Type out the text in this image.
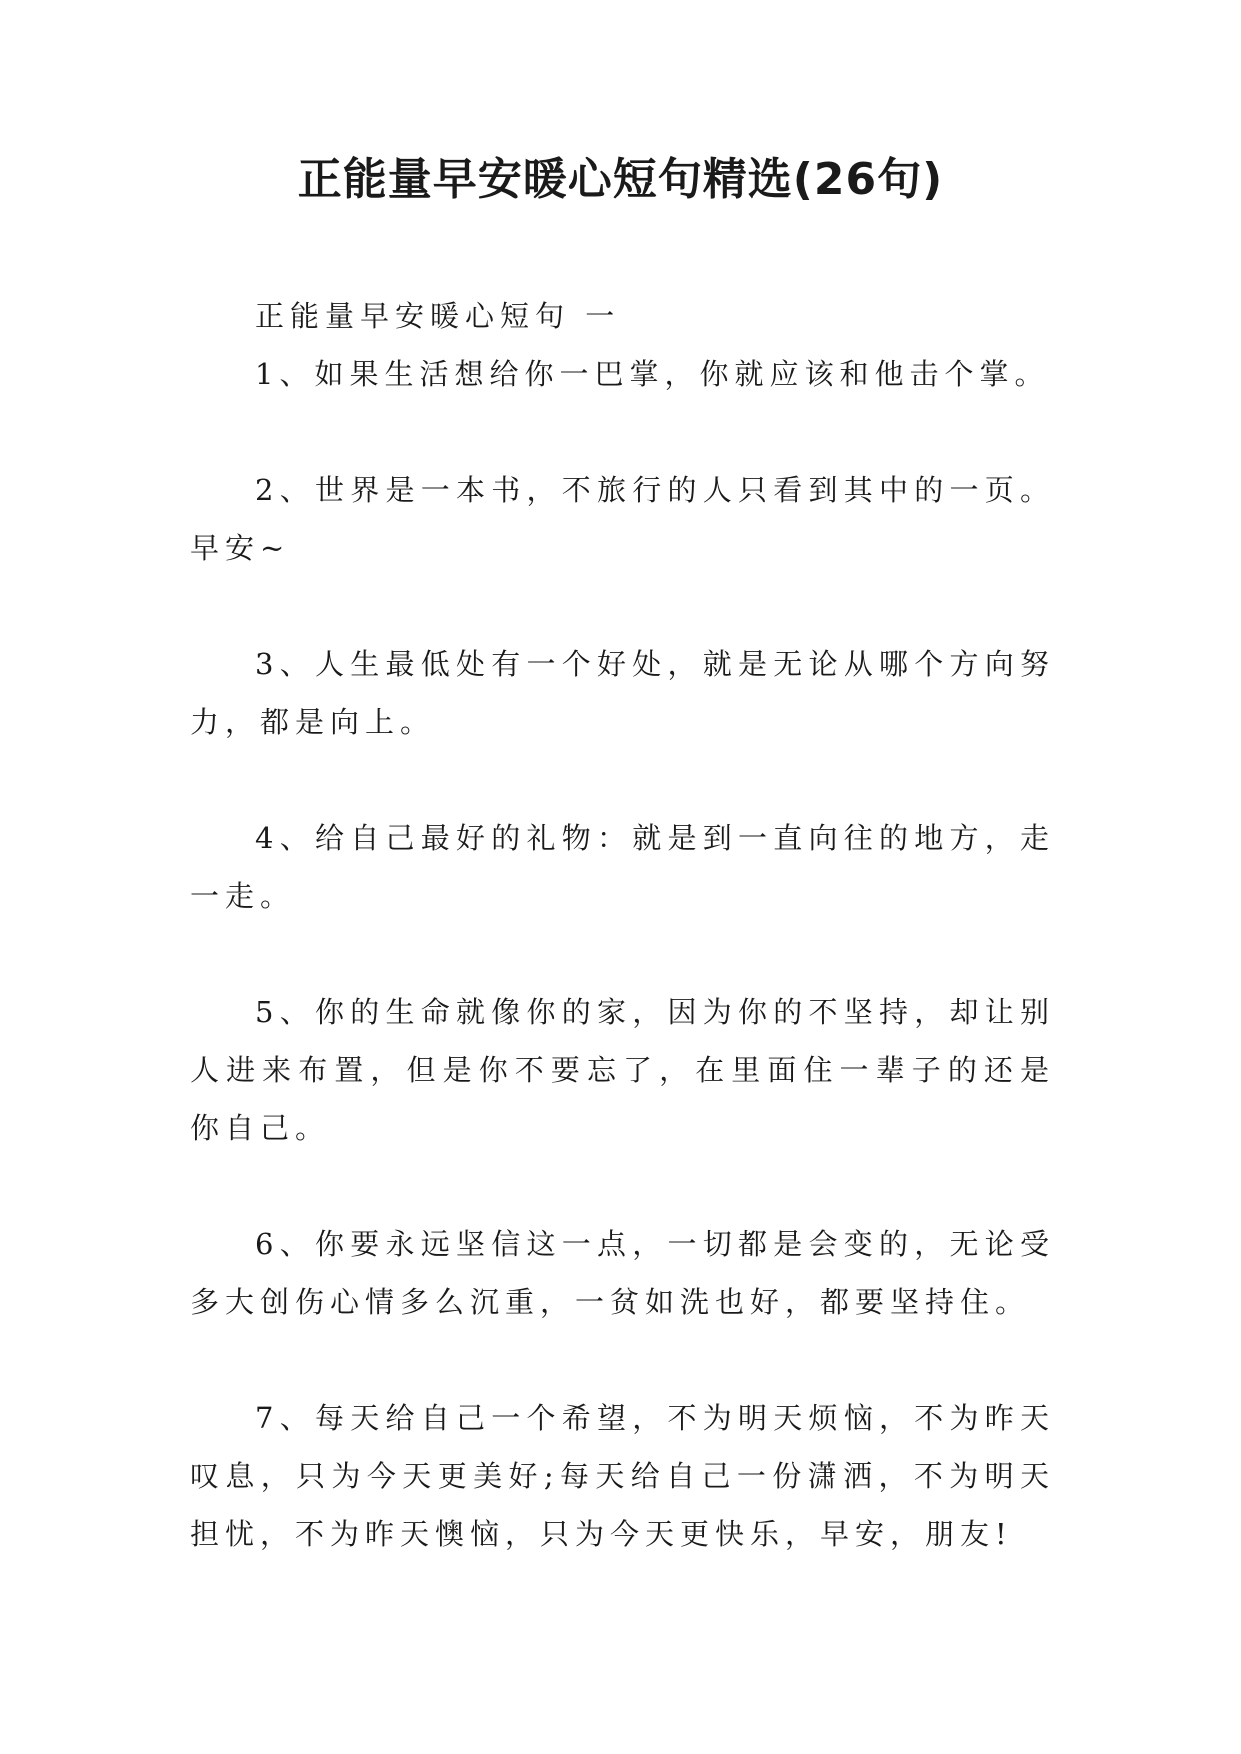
正能量早安暖心短句精选(26句)

正能量早安暖心短句 一

1、如果生活想给你一巴掌，你就应该和他击个掌。

2、世界是一本书，不旅行的人只看到其中的一页。早安~

3、人生最低处有一个好处，就是无论从哪个方向努力，都是向上。

4、给自己最好的礼物：就是到一直向往的地方，走一走。

5、你的生命就像你的家，因为你的不坚持，却让别人进来布置，但是你不要忘了，在里面住一辈子的还是你自己。

6、你要永远坚信这一点，一切都是会变的，无论受多大创伤心情多么沉重，一贫如洗也好，都要坚持住。

7、每天给自己一个希望，不为明天烦恼，不为昨天叹息，只为今天更美好;每天给自己一份潇洒，不为明天担忧，不为昨天懊恼，只为今天更快乐，早安，朋友!
